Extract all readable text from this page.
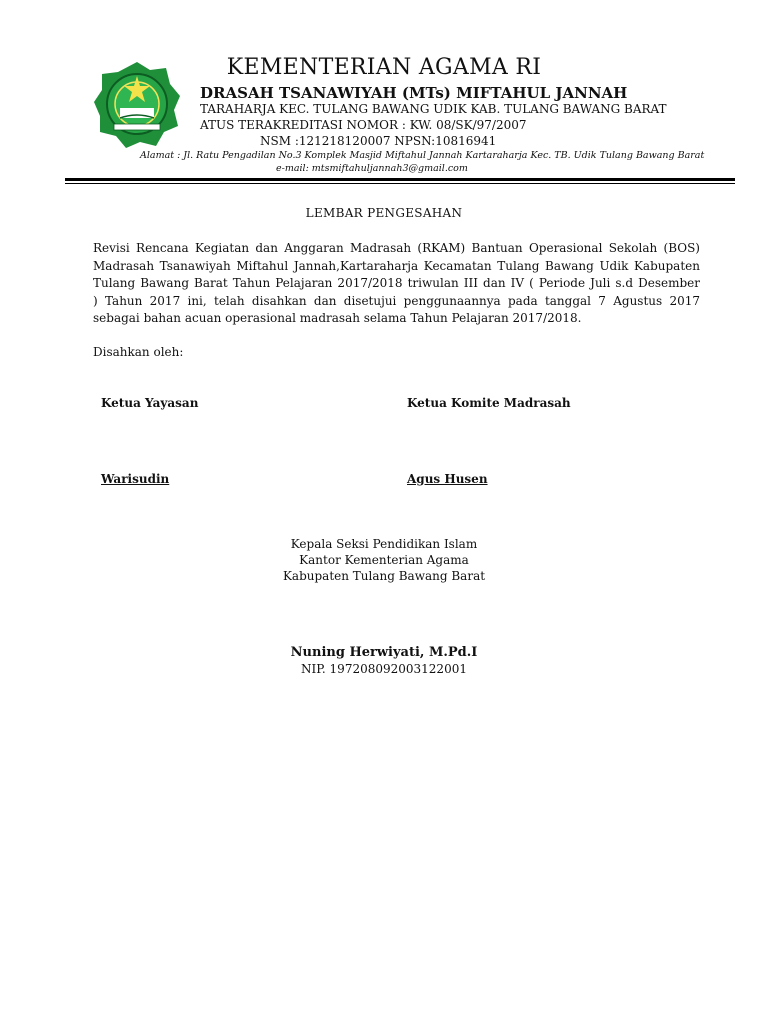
KEMENTERIAN AGAMA RI
DRASAH TSANAWIYAH (MTs) MIFTAHUL JANNAH
TARAHARJA KEC. TULANG BAWANG UDIK KAB. TULANG BAWANG BARAT
ATUS TERAKREDITASI NOMOR : KW. 08/SK/97/2007
NSM :121218120007 NPSN:10816941
Alamat : Jl. Ratu Pengadilan No.3 Komplek Masjid Miftahul Jannah Kartaraharja Kec. TB. Udik Tulang Bawang Barat
e-mail: mtsmiftahuljannah3@gmail.com
LEMBAR PENGESAHAN
Revisi Rencana Kegiatan dan Anggaran Madrasah (RKAM) Bantuan Operasional Sekolah (BOS)
Madrasah Tsanawiyah Miftahul Jannah,Kartaraharja Kecamatan Tulang Bawang Udik Kabupaten
Tulang Bawang Barat Tahun Pelajaran 2017/2018 triwulan III dan IV ( Periode Juli s.d Desember
) Tahun 2017 ini, telah disahkan dan disetujui penggunaannya pada tanggal 7 Agustus 2017
sebagai bahan acuan operasional madrasah selama Tahun Pelajaran 2017/2018.
Disahkan oleh:
Ketua Yayasan	Ketua Komite Madrasah
Warisudin	Agus Husen
Kepala Seksi Pendidikan Islam
Kantor Kementerian Agama
Kabupaten Tulang Bawang Barat
Nuning Herwiyati, M.Pd.I
NIP. 197208092003122001
